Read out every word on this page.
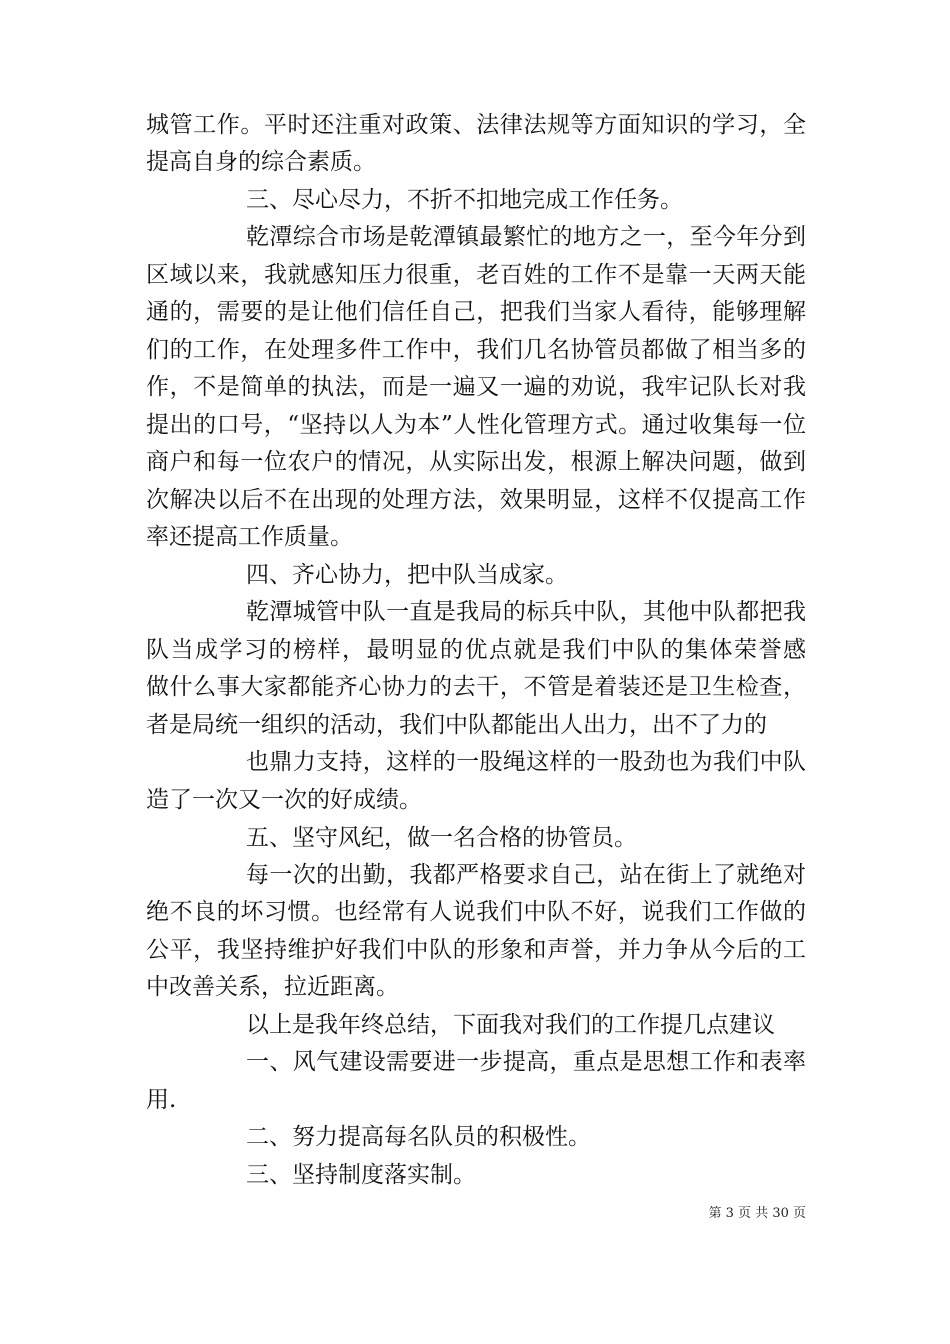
城管工作。平时还注重对政策、法律法规等方面知识的学习，全
提高自身的综合素质。
三、尽心尽力，不折不扣地完成工作任务。
乾潭综合市场是乾潭镇最繁忙的地方之一，至今年分到
区域以来，我就感知压力很重，老百姓的工作不是靠一天两天能
通的，需要的是让他们信任自己，把我们当家人看待，能够理解
们的工作，在处理多件工作中，我们几名协管员都做了相当多的
作，不是简单的执法，而是一遍又一遍的劝说，我牢记队长对我
提出的口号，“坚持以人为本”人性化管理方式。通过收集每一位
商户和每一位农户的情况，从实际出发，根源上解决问题，做到
次解决以后不在出现的处理方法，效果明显，这样不仅提高工作
率还提高工作质量。
四、齐心协力，把中队当成家。
乾潭城管中队一直是我局的标兵中队，其他中队都把我
队当成学习的榜样，最明显的优点就是我们中队的集体荣誉感
做什么事大家都能齐心协力的去干，不管是着装还是卫生检查，
者是局统一组织的活动，我们中队都能出人出力，出不了力的
也鼎力支持，这样的一股绳这样的一股劲也为我们中队
造了一次又一次的好成绩。
五、坚守风纪，做一名合格的协管员。
每一次的出勤，我都严格要求自己，站在街上了就绝对
绝不良的坏习惯。也经常有人说我们中队不好，说我们工作做的
公平，我坚持维护好我们中队的形象和声誉，并力争从今后的工
中改善关系，拉近距离。
以上是我年终总结，下面我对我们的工作提几点建议
一、风气建设需要进一步提高，重点是思想工作和表率
用.
二、努力提高每名队员的积极性。
三、坚持制度落实制。
第 3 页 共 30 页
